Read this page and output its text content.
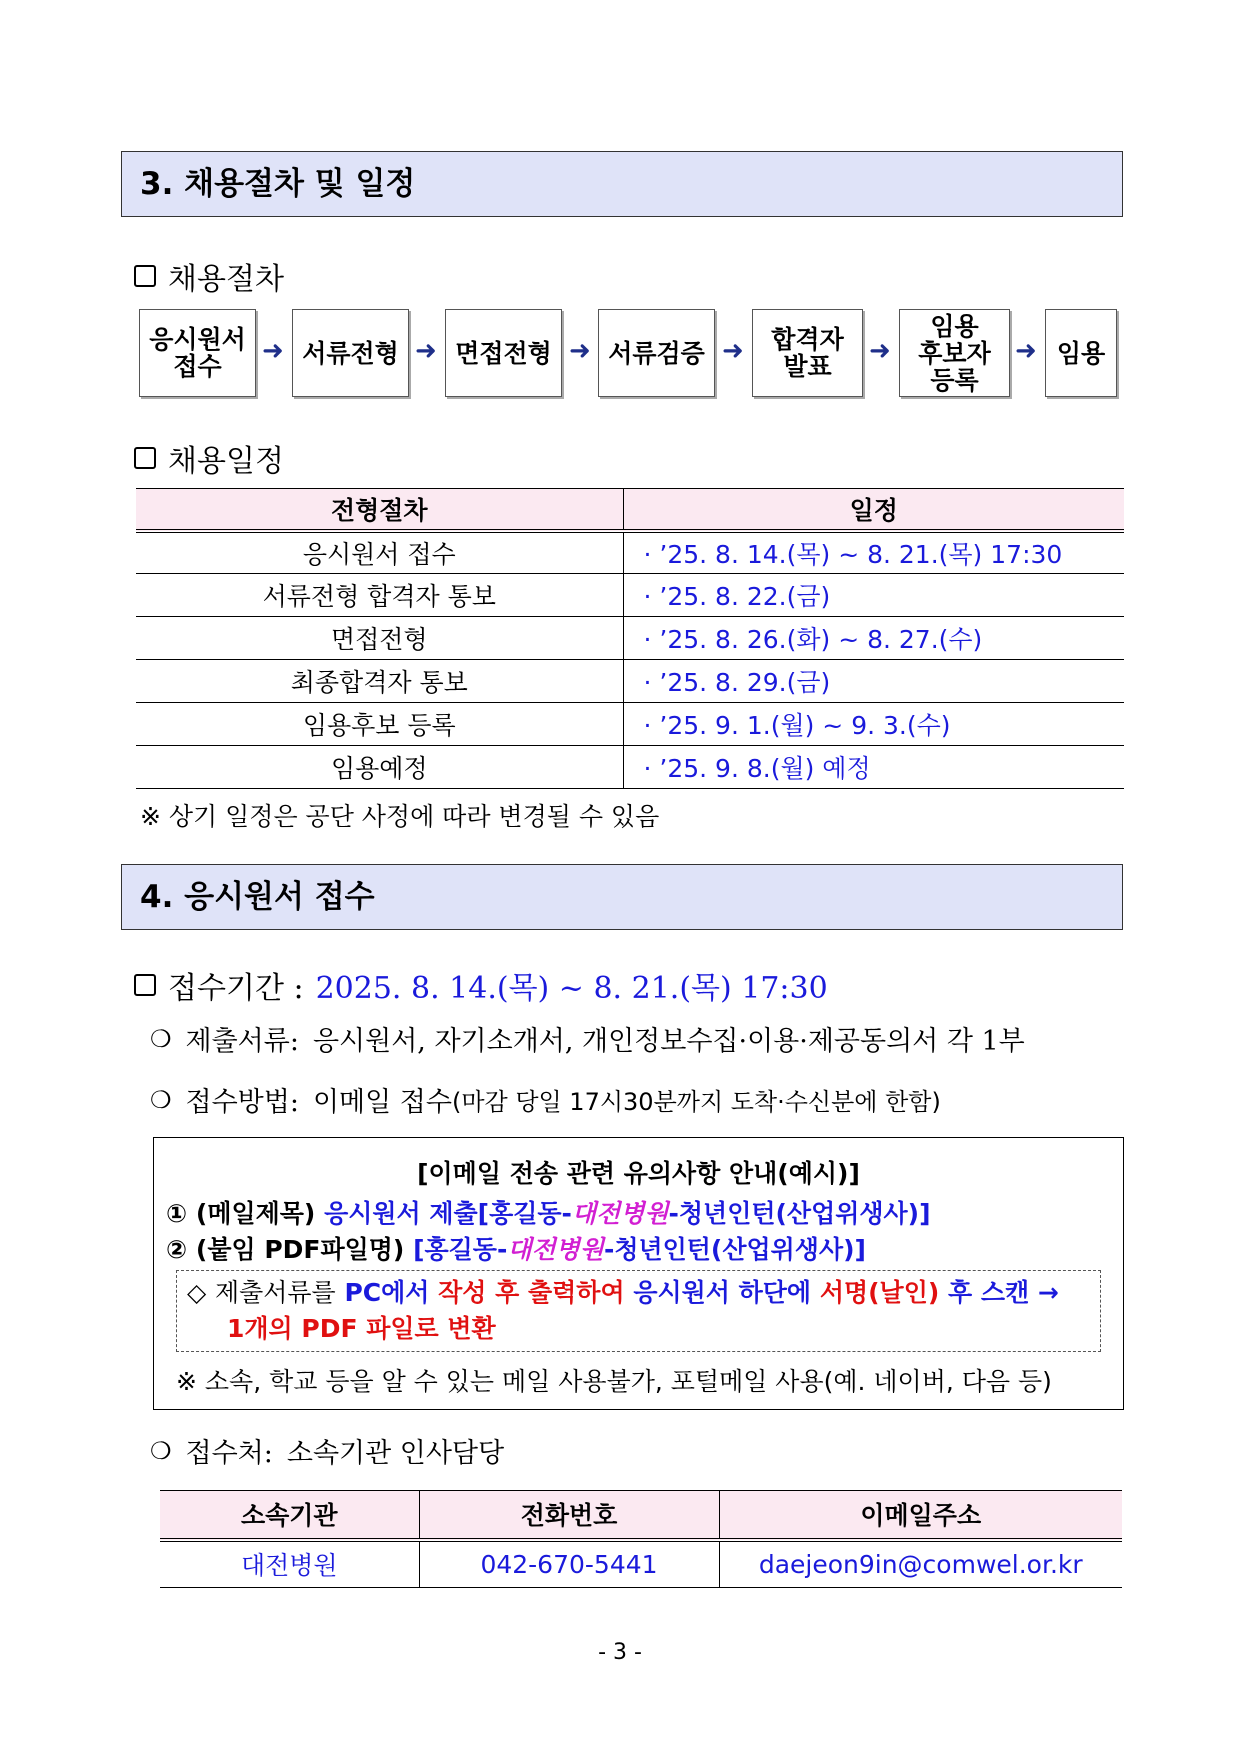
3. 채용절차 및 일정
채용절차
응시원서
접수
➜ 서류전형 ➜ 면접전형 ➜ 서류검증 ➜ 합격자
발표
➜
임용
후보자
등록
➜ 임용
채용일정
전형절차	일정
응시원서 접수	· ’25. 8. 14.(목) ~ 8. 21.(목) 17:30
서류전형 합격자 통보	· ’25. 8. 22.(금)
면접전형	· ’25. 8. 26.(화) ~ 8. 27.(수)
최종합격자 통보	· ’25. 8. 29.(금)
임용후보 등록	· ’25. 9. 1.(월) ~ 9. 3.(수)
임용예정	· ’25. 9. 8.(월) 예정
※ 상기 일정은 공단 사정에 따라 변경될 수 있음
4. 응시원서 접수
접수기간 : 2025. 8. 14.(목) ~ 8. 21.(목) 17:30
❍ 제출서류: 응시원서, 자기소개서, 개인정보수집·이용·제공동의서 각 1부
❍ 접수방법: 이메일 접수 (마감 당일 17시30분까지 도착·수신분에 한함)
[이메일 전송 관련 유의사항 안내(예시)]
① (메일제목) 응시원서 제출[홍길동-대전병원-청년인턴(산업위생사)]
② (붙임 PDF파일명) [홍길동-대전병원-청년인턴(산업위생사)]
◇ 제출서류를 PC에서 작성 후 출력하여 응시원서 하단에 서명(날인) 후 스캔 →
1개의 PDF 파일로 변환
※ 소속, 학교 등을 알 수 있는 메일 사용불가, 포털메일 사용(예. 네이버, 다음 등)
❍ 접수처: 소속기관 인사담당
소속기관	전화번호	이메일주소
대전병원	042-670-5441	daejeon9in@comwel.or.kr
- 3 -
